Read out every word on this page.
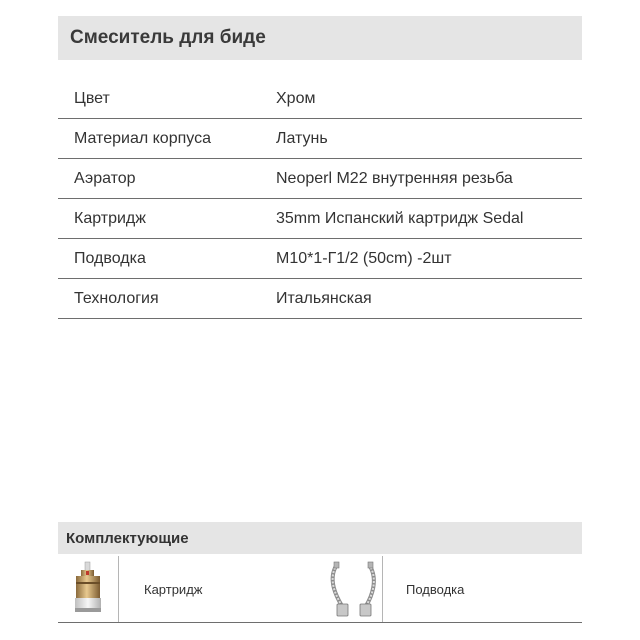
Смеситель для биде
Цвет	Хром
Материал корпуса	Латунь
Аэратор	Neoperl M22 внутренняя резьба
Картридж	35mm Испанский картридж Sedal
Подводка	M10*1-Г1/2 (50cm) -2шт
Технология	Итальянская
Комплектующие
Картридж	Подводка
